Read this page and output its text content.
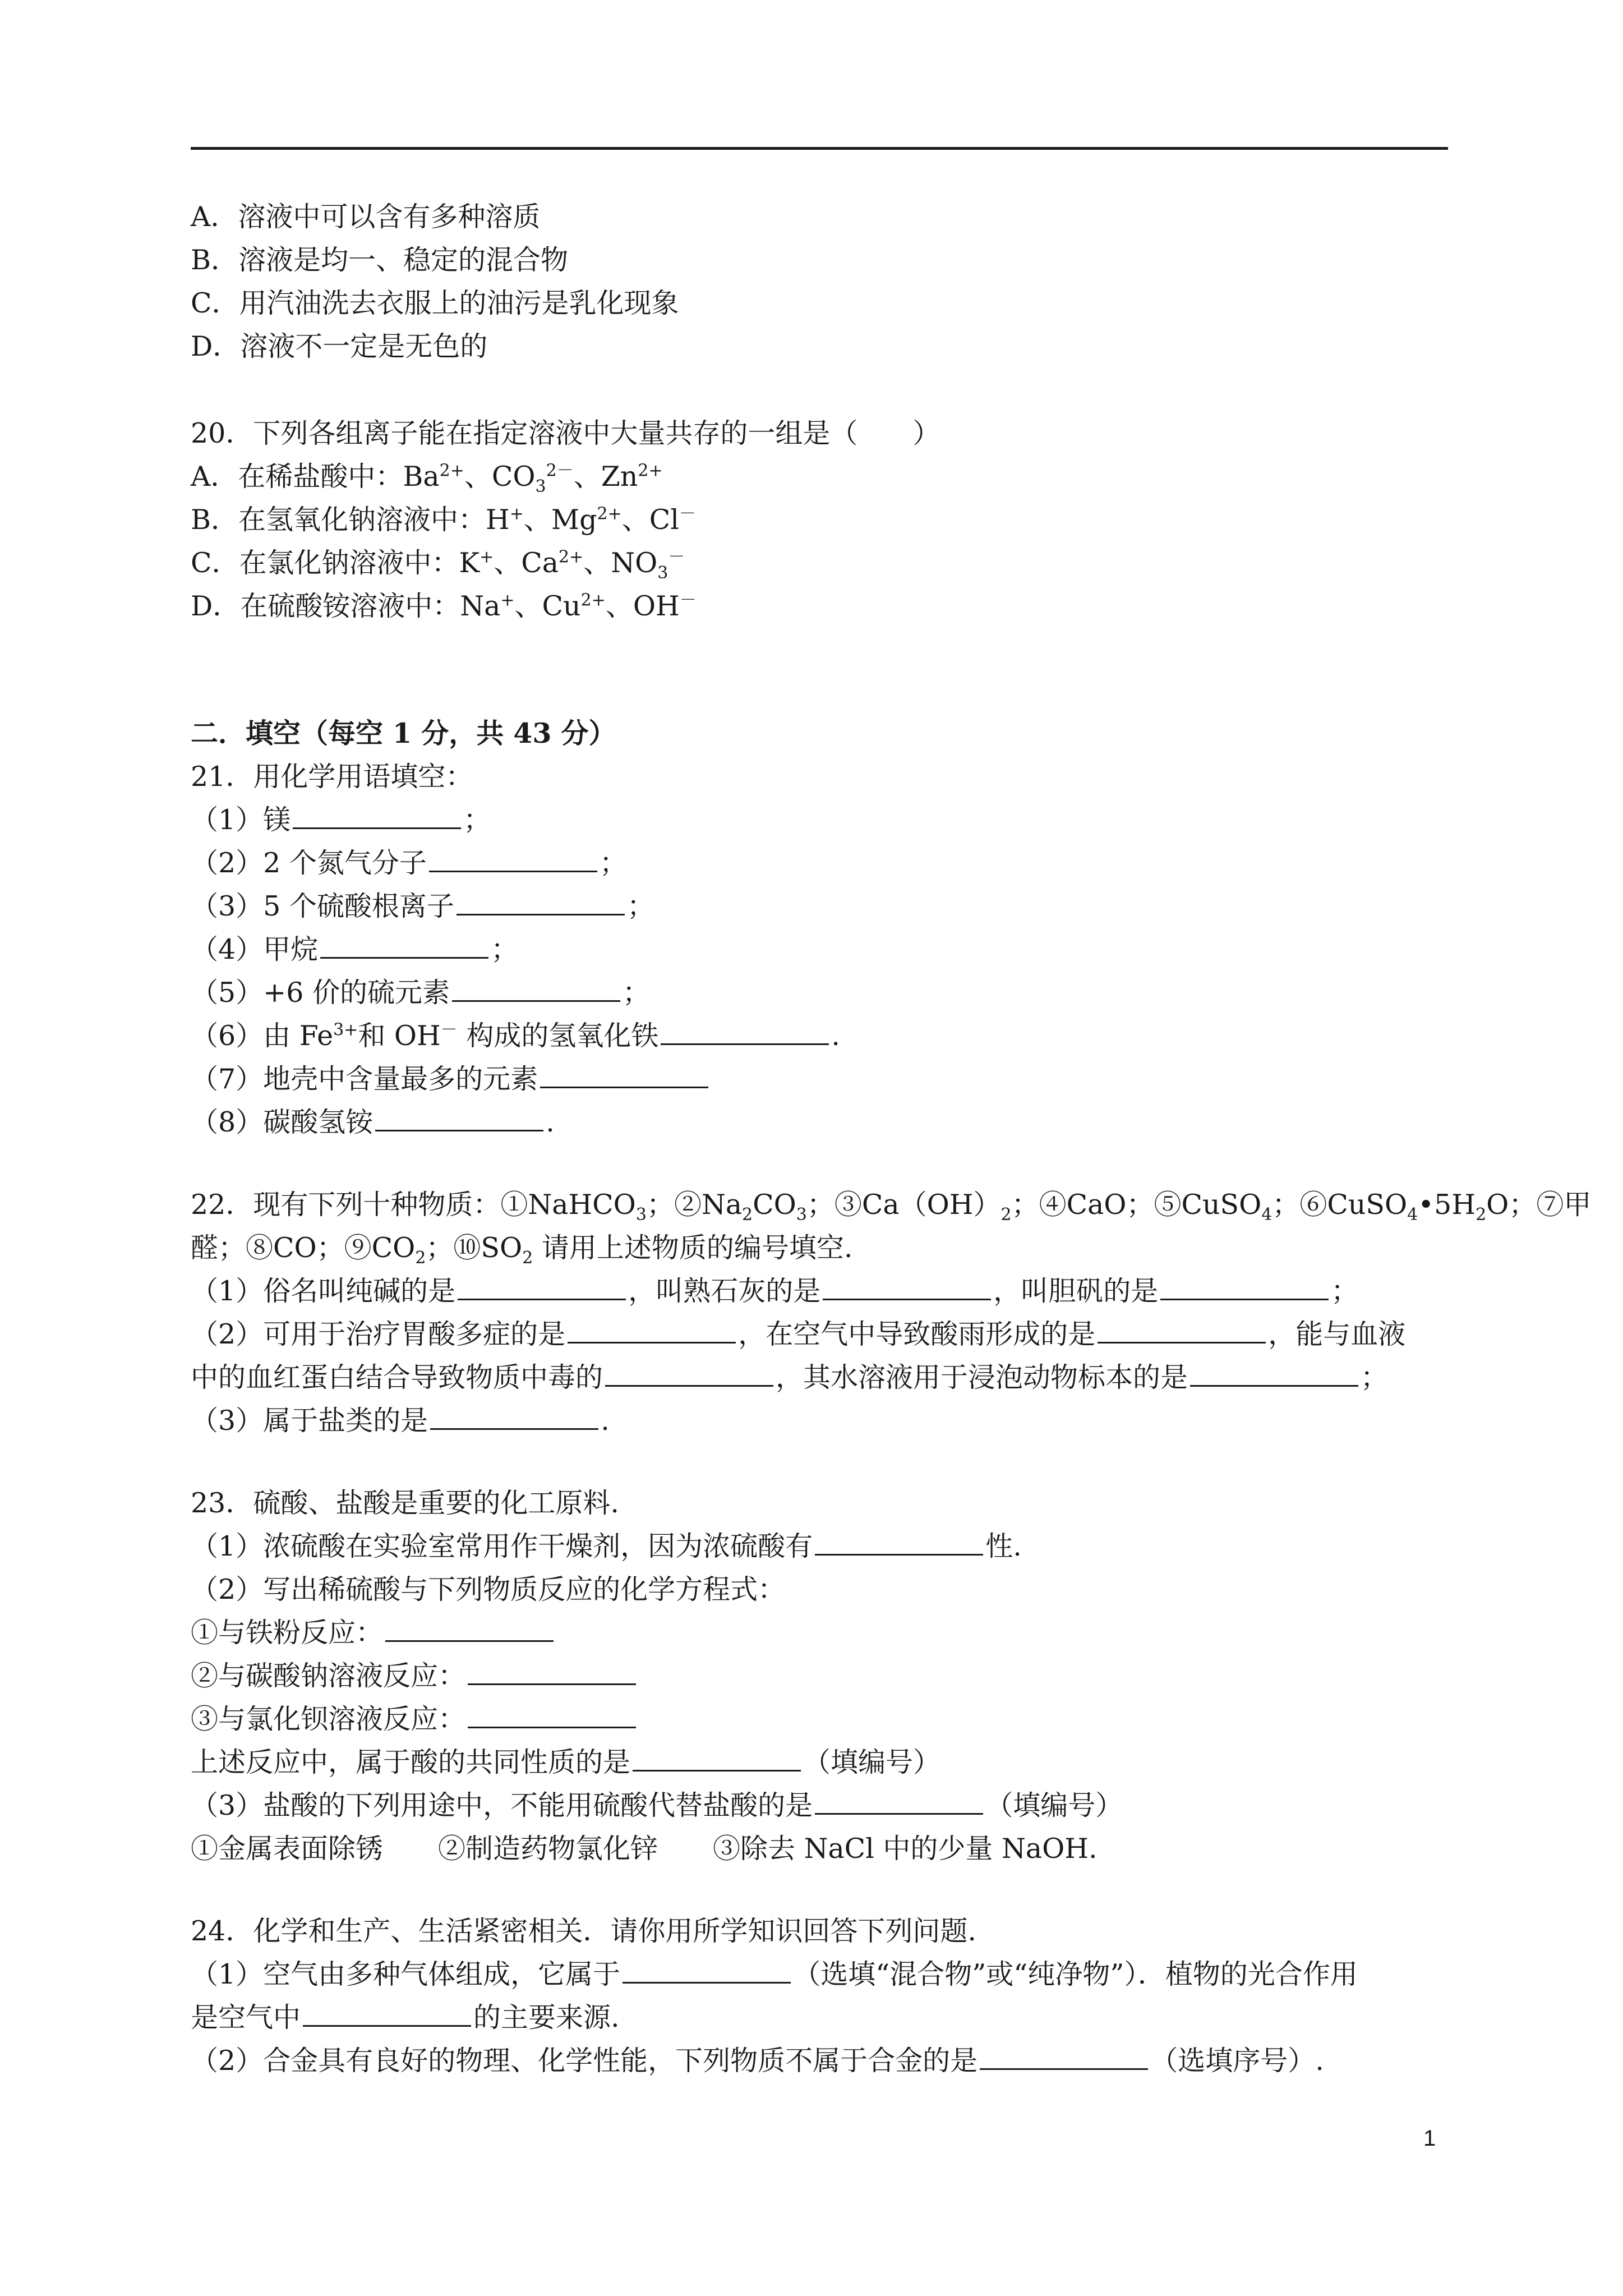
A．溶液中可以含有多种溶质
B．溶液是均一、稳定的混合物
C．用汽油洗去衣服上的油污是乳化现象
D．溶液不一定是无色的
20．下列各组离子能在指定溶液中大量共存的一组是（　　）
A．在稀盐酸中：$Ba^{2+}$、$CO_3^{2-}$、$Zn^{2+}$
B．在氢氧化钠溶液中：H+、$Mg^{2+}$、Cl－
C．在氯化钠溶液中：K+、$Ca^{2+}$、$NO_3^-$
D．在硫酸铵溶液中：Na+、$Cu^{2+}$、OH－
二．填空（每空 1 分，共 43 分）
21．用化学用语填空：
（1）镁	；
（2）2 个氮气分子	；
（3）5 个硫酸根离子	；
（4）甲烷	；
（5）+6 价的硫元素	；
（6）由 $Fe^{3+}$和 OH－ 构成的氢氧化铁	.
（7）地壳中含量最多的元素
（8）碳酸氢铵	.
22．现有下列十种物质：①NaHCO$_3$；$②Na_2CO_3$；$③Ca(OH)_2$；④CaO；⑤CuSO$_4$；$⑥CuSO_4•5H_2O$；⑦甲
醛；⑧CO；$⑨CO_2$；$⑩SO_2$ 请用上述物质的编号填空.
（1）俗名叫纯碱的是	，叫熟石灰的是	，叫胆矾的是	；
（2）可用于治疗胃酸多症的是	，在空气中导致酸雨形成的是	，能与血液
中的血红蛋白结合导致物质中毒的	，其水溶液用于浸泡动物标本的是	；
（3）属于盐类的是	.
23．硫酸、盐酸是重要的化工原料.
（1）浓硫酸在实验室常用作干燥剂，因为浓硫酸有	性.
（2）写出稀硫酸与下列物质反应的化学方程式：
①与铁粉反应：
②与碳酸钠溶液反应：
③与氯化钡溶液反应：
上述反应中，属于酸的共同性质的是	（填编号）
（3）盐酸的下列用途中，不能用硫酸代替盐酸的是	（填编号）
①金属表面除锈　　②制造药物氯化锌　　③除去 NaCl 中的少量 NaOH.
24．化学和生产、生活紧密相关．请你用所学知识回答下列问题.
（1）空气由多种气体组成，它属于	（选填“混合物”或“纯净物”）．植物的光合作用
是空气中	的主要来源.
（2）合金具有良好的物理、化学性能，下列物质不属于合金的是	（选填序号）.
1
